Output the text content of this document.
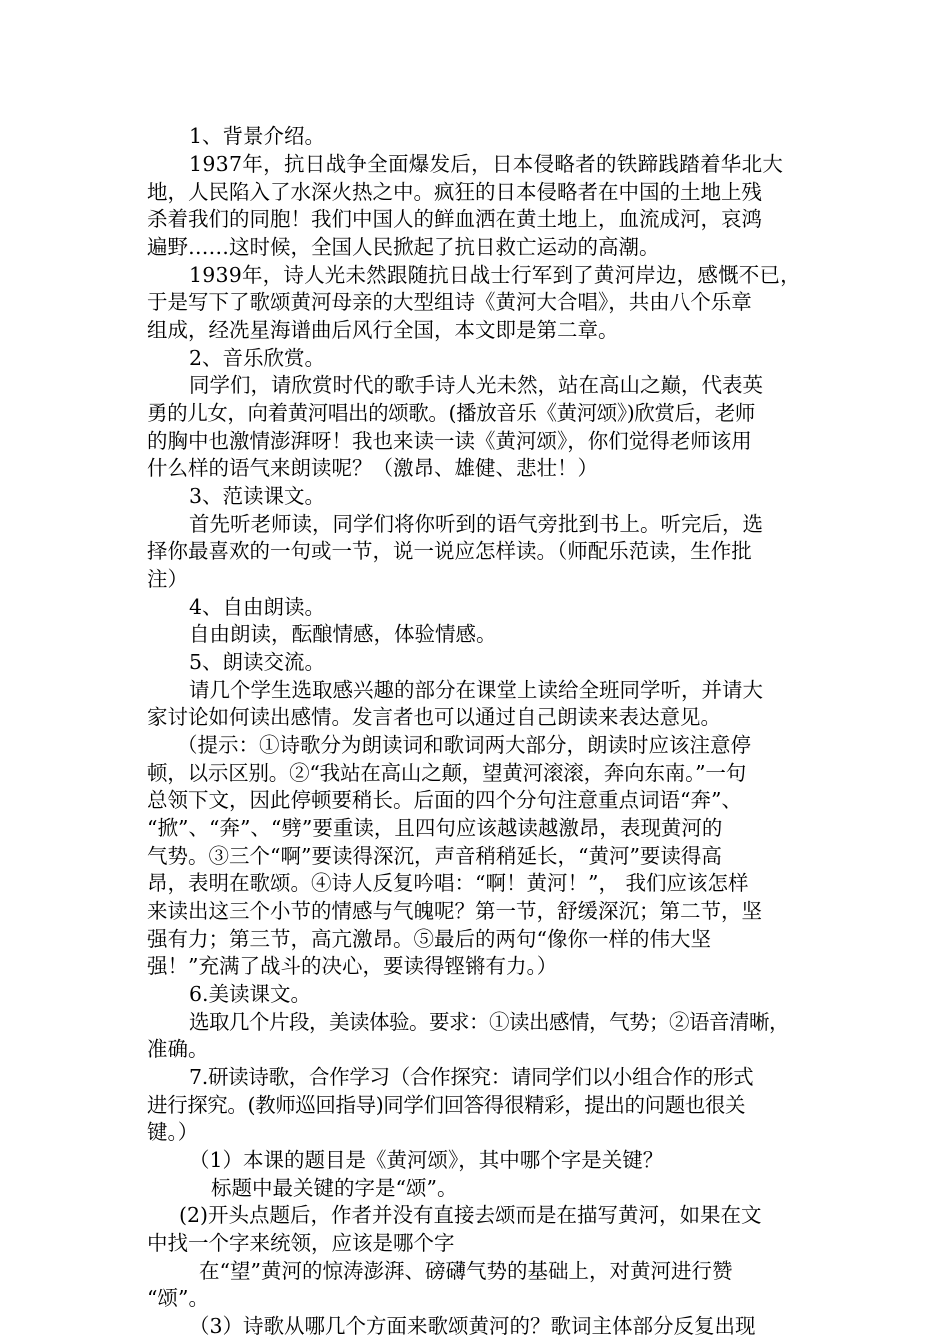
1、背景介绍。

1937年，抗日战争全面爆发后，日本侵略者的铁蹄践踏着华北大

地，人民陷入了水深火热之中。疯狂的日本侵略者在中国的土地上残

杀着我们的同胞！我们中国人的鲜血洒在黄土地上，血流成河，哀鸿

遍野……这时候，全国人民掀起了抗日救亡运动的高潮。

1939年，诗人光未然跟随抗日战士行军到了黄河岸边，感慨不已，

于是写下了歌颂黄河母亲的大型组诗《黄河大合唱》，共由八个乐章

组成，经冼星海谱曲后风行全国，本文即是第二章。

2、音乐欣赏。

同学们，请欣赏时代的歌手诗人光未然，站在高山之巅，代表英

勇的儿女，向着黄河唱出的颂歌。(播放音乐《黄河颂》)欣赏后，老师

的胸中也激情澎湃呀！我也来读一读《黄河颂》，你们觉得老师该用

什么样的语气来朗读呢？（激昂、雄健、悲壮！）

3、范读课文。

首先听老师读，同学们将你听到的语气旁批到书上。听完后，选

择你最喜欢的一句或一节，说一说应怎样读。（师配乐范读，生作批

注）

4、自由朗读。

自由朗读，酝酿情感，体验情感。

5、朗读交流。

请几个学生选取感兴趣的部分在课堂上读给全班同学听，并请大

家讨论如何读出感情。发言者也可以通过自己朗读来表达意见。

（提示：①诗歌分为朗读词和歌词两大部分，朗读时应该注意停

顿，以示区别。②“我站在高山之颠，望黄河滚滚，奔向东南。”一句

总领下文，因此停顿要稍长。后面的四个分句注意重点词语“奔”、

“掀”、“奔”、“劈”要重读，且四句应该越读越激昂，表现黄河的

气势。③三个“啊”要读得深沉，声音稍稍延长，“黄河”要读得高

昂，表明在歌颂。④诗人反复吟唱：“啊！黄河！”， 我们应该怎样

来读出这三个小节的情感与气魄呢？第一节，舒缓深沉；第二节，坚

强有力；第三节，高亢激昂。⑤最后的两句“像你一样的伟大坚

强！”充满了战斗的决心，要读得铿锵有力。）

6.美读课文。

选取几个片段，美读体验。要求：①读出感情，气势；②语音清晰，

准确。

7.研读诗歌，合作学习（合作探究：请同学们以小组合作的形式

进行探究。(教师巡回指导)同学们回答得很精彩，提出的问题也很关

键。）

（1）本课的题目是《黄河颂》，其中哪个字是关键？

标题中最关键的字是“颂”。

(2)开头点题后，作者并没有直接去颂而是在描写黄河，如果在文

中找一个字来统领，应该是哪个字

在“望”黄河的惊涛澎湃、磅礴气势的基础上，对黄河进行赞

“颂”。

（3）诗歌从哪几个方面来歌颂黄河的？歌词主体部分反复出现
